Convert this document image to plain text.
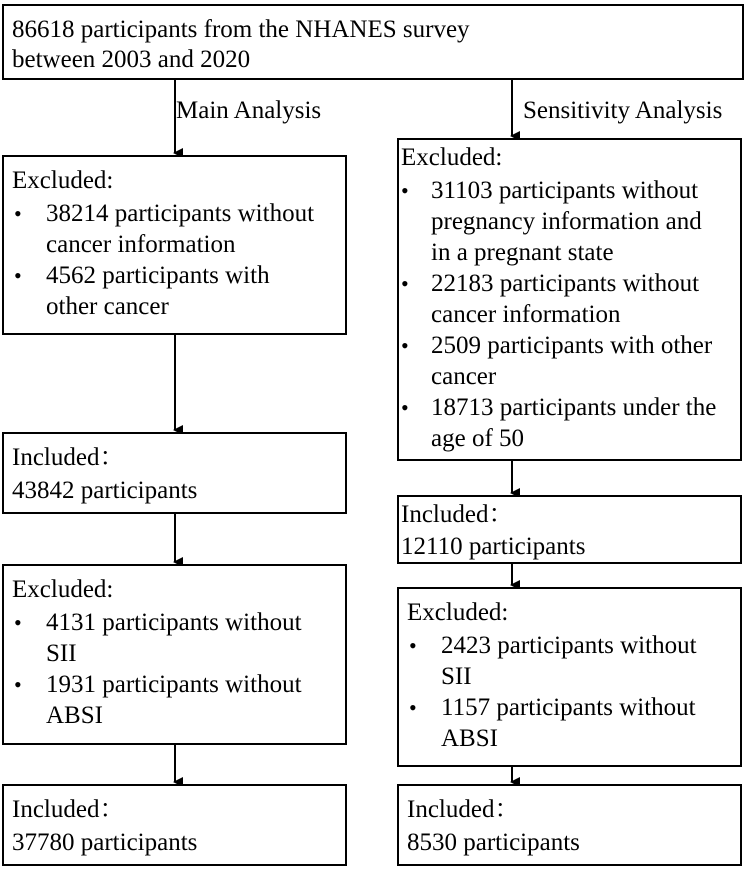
86618 participants from the NHANES survey
between 2003 and 2020
Main Analysis	Sensitivity Analysis
Excluded:
• 38214 participants without
cancer information
• 4562 participants with
other cancer
Included：
43842 participants
Excluded:
• 4131 participants without
SII
• 1931 participants without
ABSI
Included：
37780 participants
Excluded:
• 31103 participants without
pregnancy information and
in a pregnant state
• 22183 participants without
cancer information
• 2509 participants with other
cancer
• 18713 participants under the
age of 50
Included：
12110 participants
Excluded:
• 2423 participants without
SII
• 1157 participants without
ABSI
Included：
8530 participants
